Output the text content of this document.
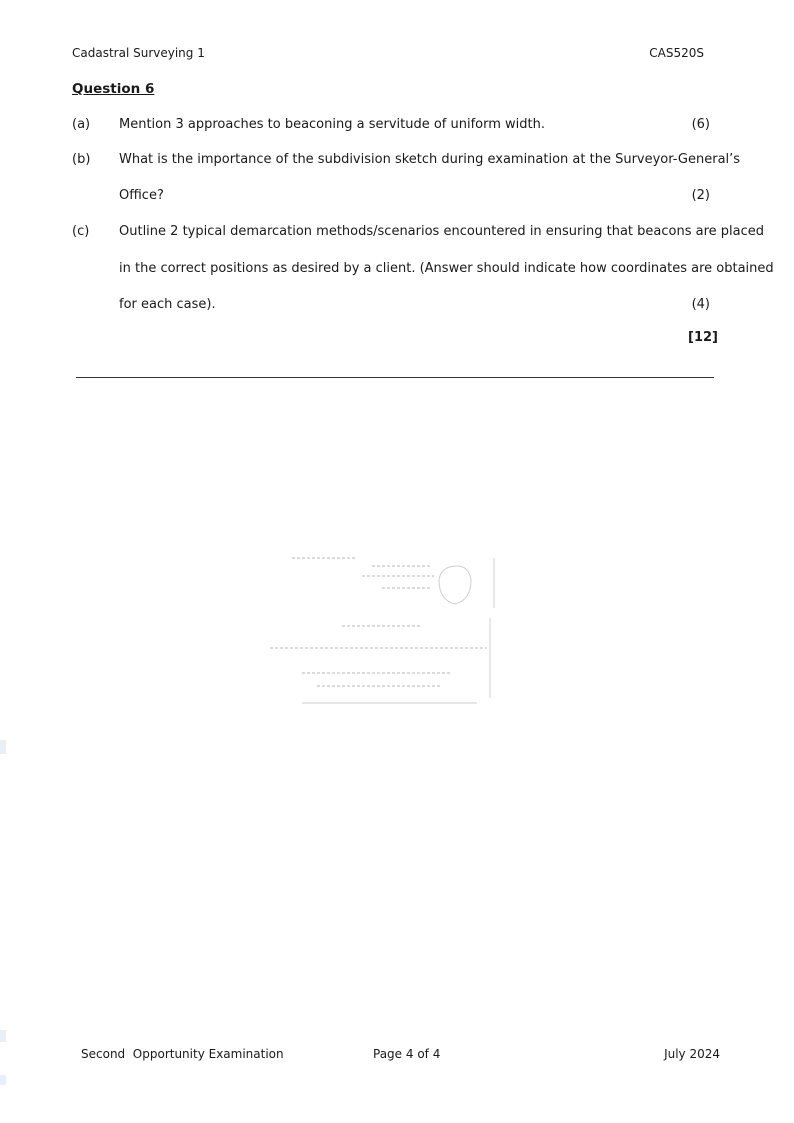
Cadastral Surveying 1	CAS520S
Question 6
(a) Mention 3 approaches to beaconing a servitude of uniform width.	(6)
(b) What is the importance of the subdivision sketch during examination at the Surveyor-General’s
Office?	(2)
(c) Outline 2 typical demarcation methods/scenarios encountered in ensuring that beacons are placed
in the correct positions as desired by a client. (Answer should indicate how coordinates are obtained
for each case).	(4)
[12]
Second  Opportunity Examination	Page 4 of 4	July 2024
